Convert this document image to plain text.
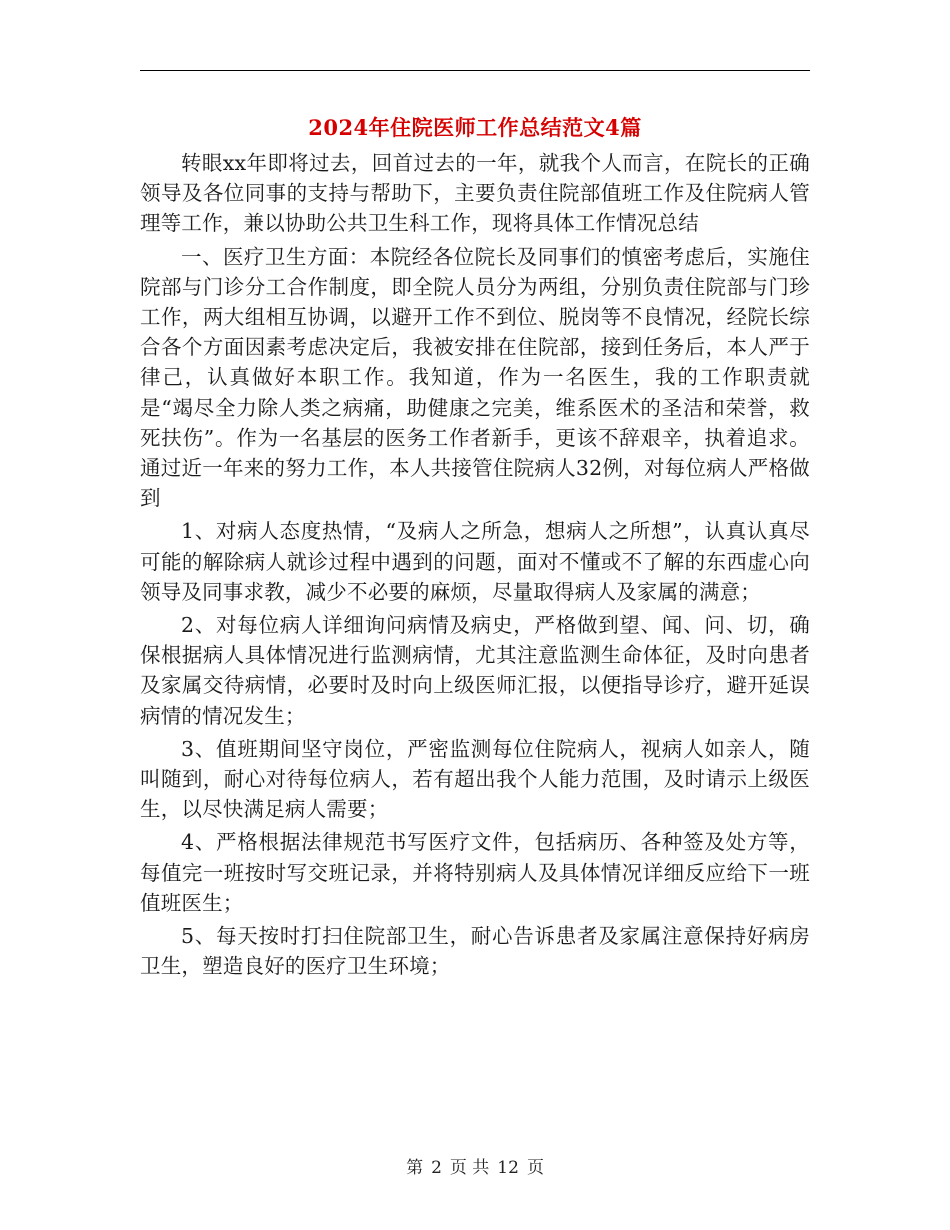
2024年住院医师工作总结范文4篇

转眼xx年即将过去，回首过去的一年，就我个人而言，在院长的正确领导及各位同事的支持与帮助下，主要负责住院部值班工作及住院病人管理等工作，兼以协助公共卫生科工作，现将具体工作情况总结

一、医疗卫生方面：本院经各位院长及同事们的慎密考虑后，实施住院部与门诊分工合作制度，即全院人员分为两组，分别负责住院部与门珍工作，两大组相互协调，以避开工作不到位、脱岗等不良情况，经院长综合各个方面因素考虑决定后，我被安排在住院部，接到任务后，本人严于律己，认真做好本职工作。我知道，作为一名医生，我的工作职责就是“竭尽全力除人类之病痛，助健康之完美，维系医术的圣洁和荣誉，救死扶伤”。作为一名基层的医务工作者新手，更该不辞艰辛，执着追求。通过近一年来的努力工作，本人共接管住院病人32例，对每位病人严格做到

1、对病人态度热情，“及病人之所急，想病人之所想”，认真认真尽可能的解除病人就诊过程中遇到的问题，面对不懂或不了解的东西虚心向领导及同事求教，减少不必要的麻烦，尽量取得病人及家属的满意；

2、对每位病人详细询问病情及病史，严格做到望、闻、问、切，确保根据病人具体情况进行监测病情，尤其注意监测生命体征，及时向患者及家属交待病情，必要时及时向上级医师汇报，以便指导诊疗，避开延误病情的情况发生；

3、值班期间坚守岗位，严密监测每位住院病人，视病人如亲人，随叫随到，耐心对待每位病人，若有超出我个人能力范围，及时请示上级医生，以尽快满足病人需要；

4、严格根据法律规范书写医疗文件，包括病历、各种签及处方等，每值完一班按时写交班记录，并将特别病人及具体情况详细反应给下一班值班医生；

5、每天按时打扫住院部卫生，耐心告诉患者及家属注意保持好病房卫生，塑造良好的医疗卫生环境；

第 2 页 共 12 页
